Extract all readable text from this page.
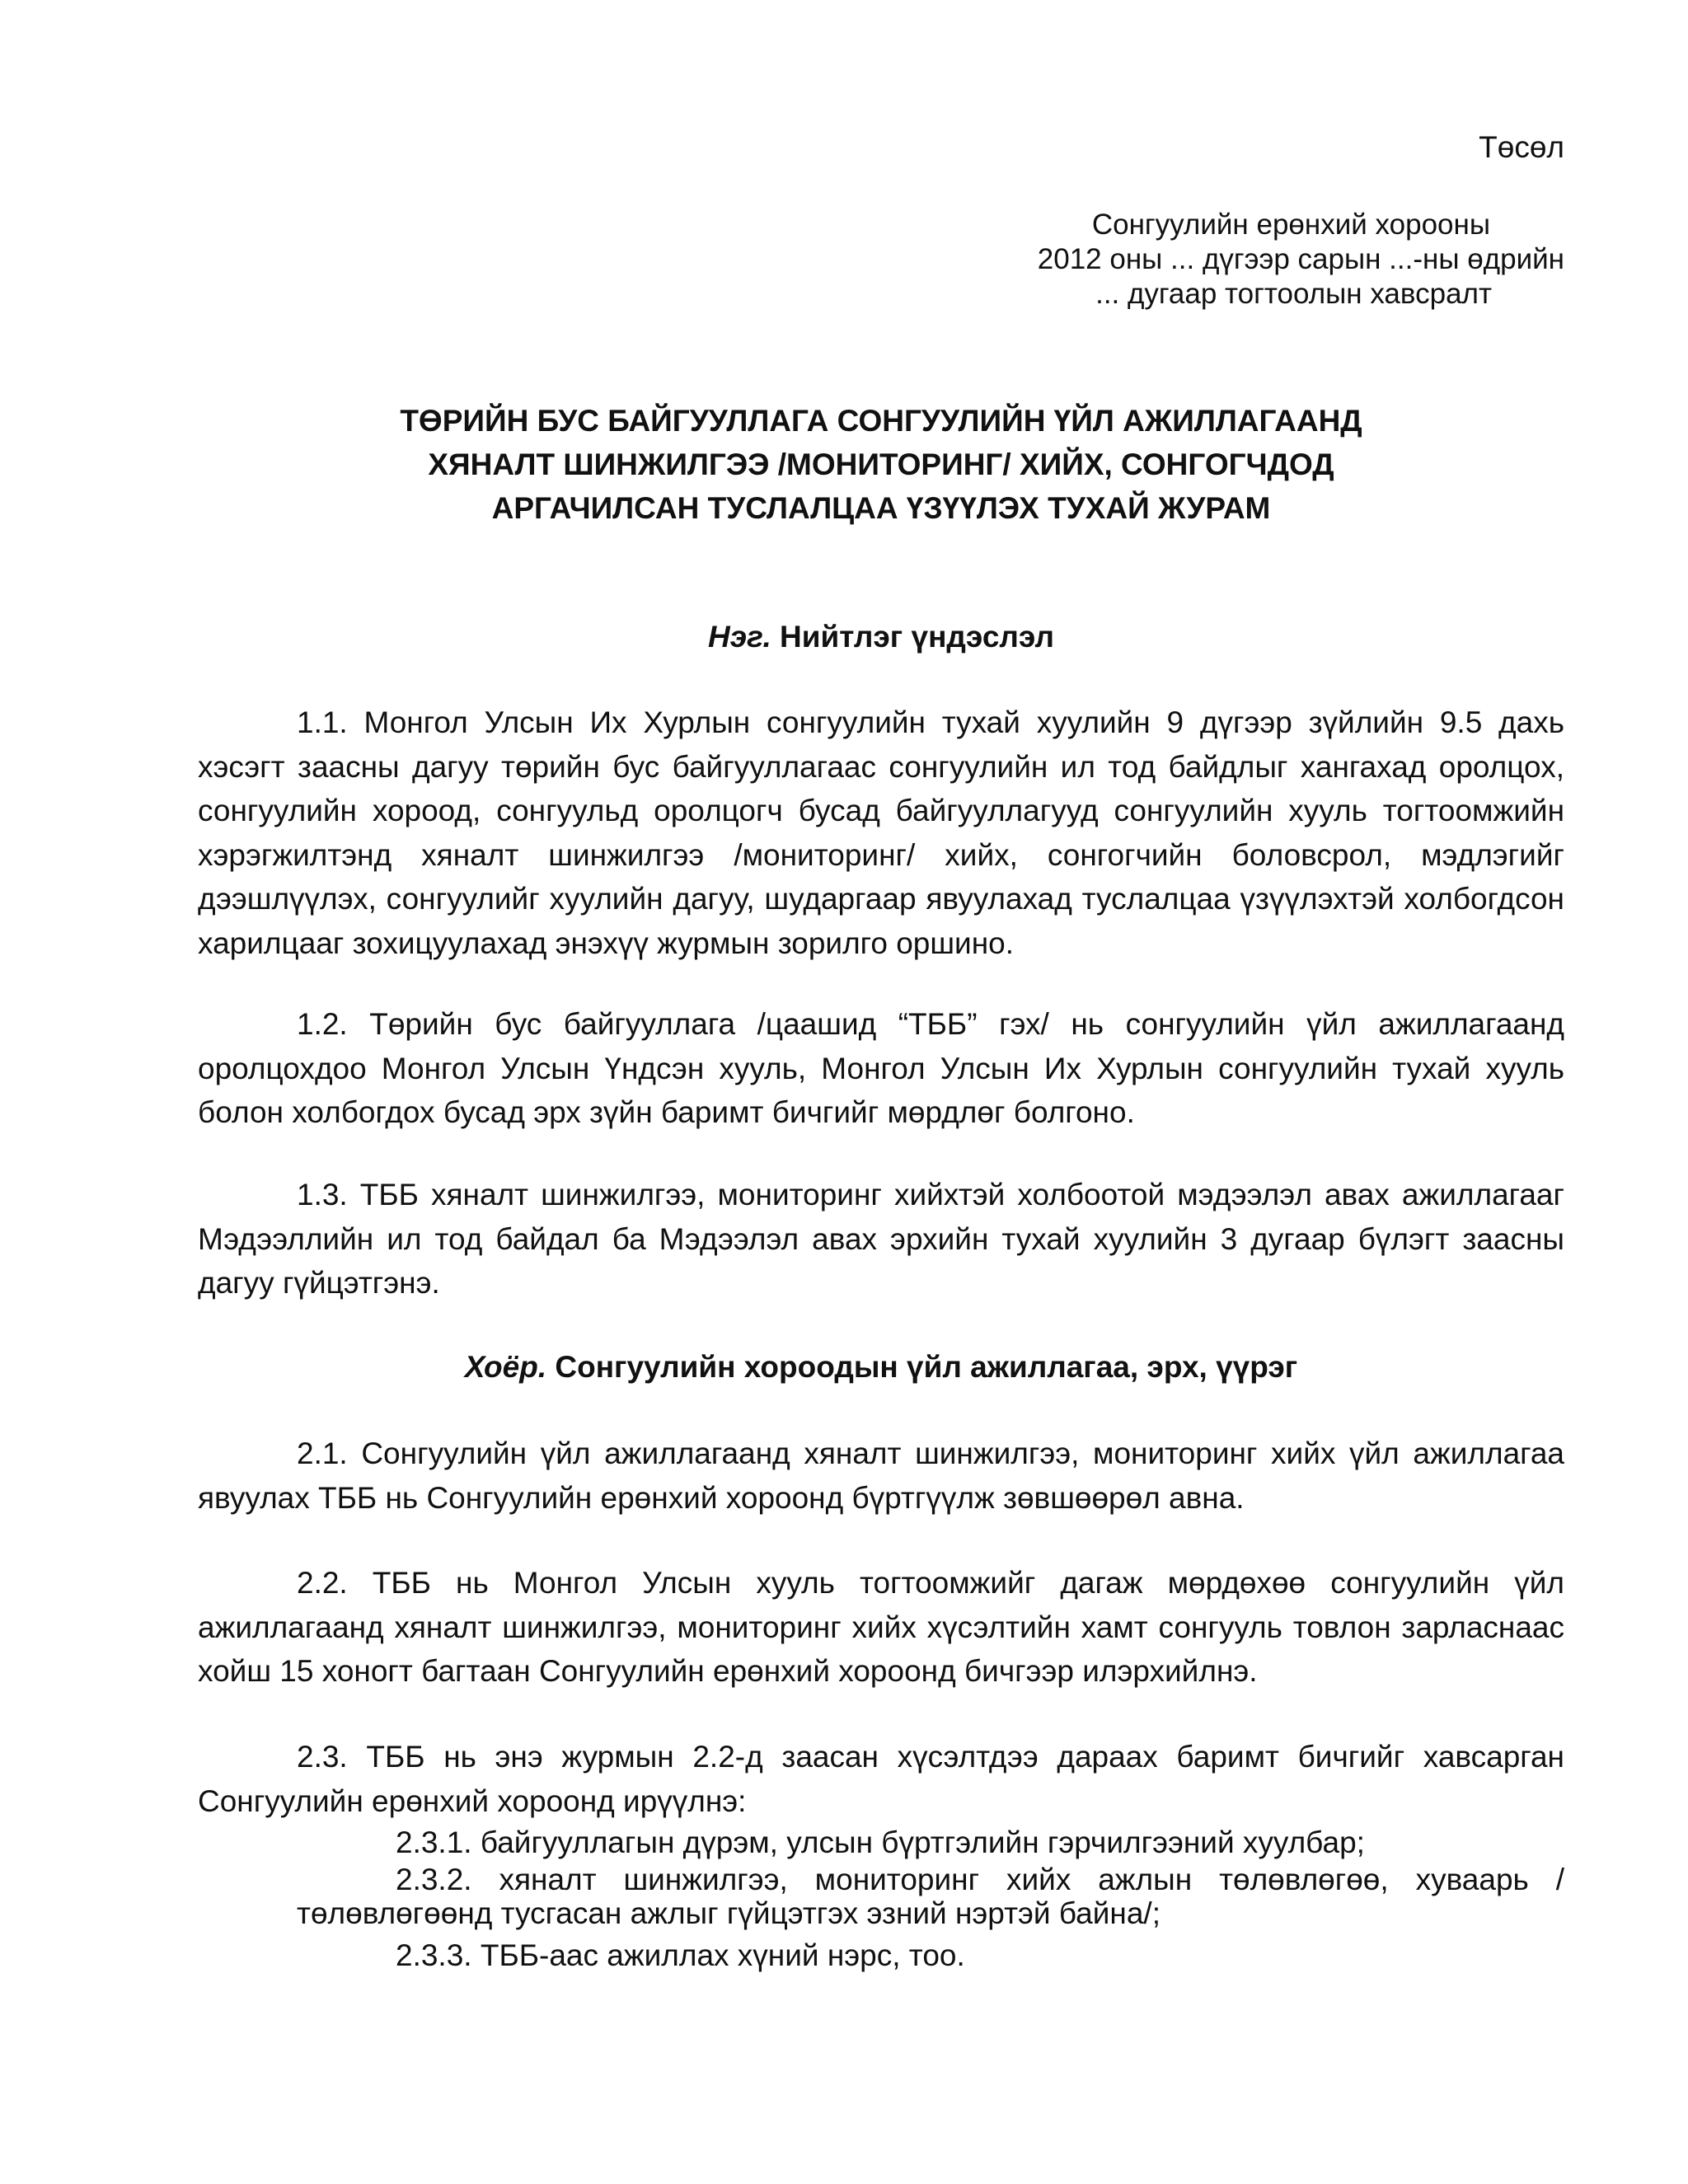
Төсөл
Сонгуулийн ерөнхий хорооны
2012 оны ... дүгээр сарын ...-ны өдрийн
... дугаар тогтоолын хавсралт
ТӨРИЙН БУС БАЙГУУЛЛАГА СОНГУУЛИЙН ҮЙЛ АЖИЛЛАГААНД
ХЯНАЛТ ШИНЖИЛГЭЭ /МОНИТОРИНГ/ ХИЙХ, СОНГОГЧДОД
АРГАЧИЛСАН ТУСЛАЛЦАА ҮЗҮҮЛЭХ ТУХАЙ ЖУРАМ
Нэг. Нийтлэг үндэслэл

1.1. Монгол Улсын Их Хурлын сонгуулийн тухай хуулийн 9 дүгээр зүйлийн 9.5 дахь хэсэгт заасны дагуу төрийн бус байгууллагаас сонгуулийн ил тод байдлыг хангахад оролцох, сонгуулийн хороод, сонгуульд оролцогч бусад байгууллагууд сонгуулийн хууль тогтоомжийн хэрэгжилтэнд хяналт шинжилгээ /мониторинг/ хийх, сонгогчийн боловсрол, мэдлэгийг дээшлүүлэх, сонгуулийг хуулийн дагуу, шударгаар явуулахад туслалцаа үзүүлэхтэй холбогдсон харилцааг зохицуулахад энэхүү журмын зорилго оршино.

1.2. Төрийн бус байгууллага /цаашид “ТББ” гэх/ нь сонгуулийн үйл ажиллагаанд оролцохдоо Монгол Улсын Үндсэн хууль, Монгол Улсын Их Хурлын сонгуулийн тухай хууль болон холбогдох бусад эрх зүйн баримт бичгийг мөрдлөг болгоно.

1.3. ТББ хяналт шинжилгээ, мониторинг хийхтэй холбоотой мэдээлэл авах ажиллагааг Мэдээллийн ил тод байдал ба Мэдээлэл авах эрхийн тухай хуулийн 3 дугаар бүлэгт заасны дагуу гүйцэтгэнэ.

Хоёр. Сонгуулийн хороодын үйл ажиллагаа, эрх, үүрэг

2.1. Сонгуулийн үйл ажиллагаанд хяналт шинжилгээ, мониторинг хийх үйл ажиллагаа явуулах ТББ нь Сонгуулийн ерөнхий хороонд бүртгүүлж зөвшөөрөл авна.

2.2. ТББ нь Монгол Улсын хууль тогтоомжийг дагаж мөрдөхөө сонгуулийн үйл ажиллагаанд хяналт шинжилгээ, мониторинг хийх хүсэлтийн хамт сонгууль товлон зарласнаас хойш 15 хоногт багтаан Сонгуулийн ерөнхий хороонд бичгээр илэрхийлнэ.

2.3. ТББ нь энэ журмын 2.2-д заасан хүсэлтдээ дараах баримт бичгийг хавсарган Сонгуулийн ерөнхий хороонд ирүүлнэ:

2.3.1. байгууллагын дүрэм, улсын бүртгэлийн гэрчилгээний хуулбар;

2.3.2. хяналт шинжилгээ, мониторинг хийх ажлын төлөвлөгөө, хуваарь /төлөвлөгөөнд тусгасан ажлыг гүйцэтгэх эзний нэртэй байна/;

2.3.3. ТББ-аас ажиллах хүний нэрс, тоо.
